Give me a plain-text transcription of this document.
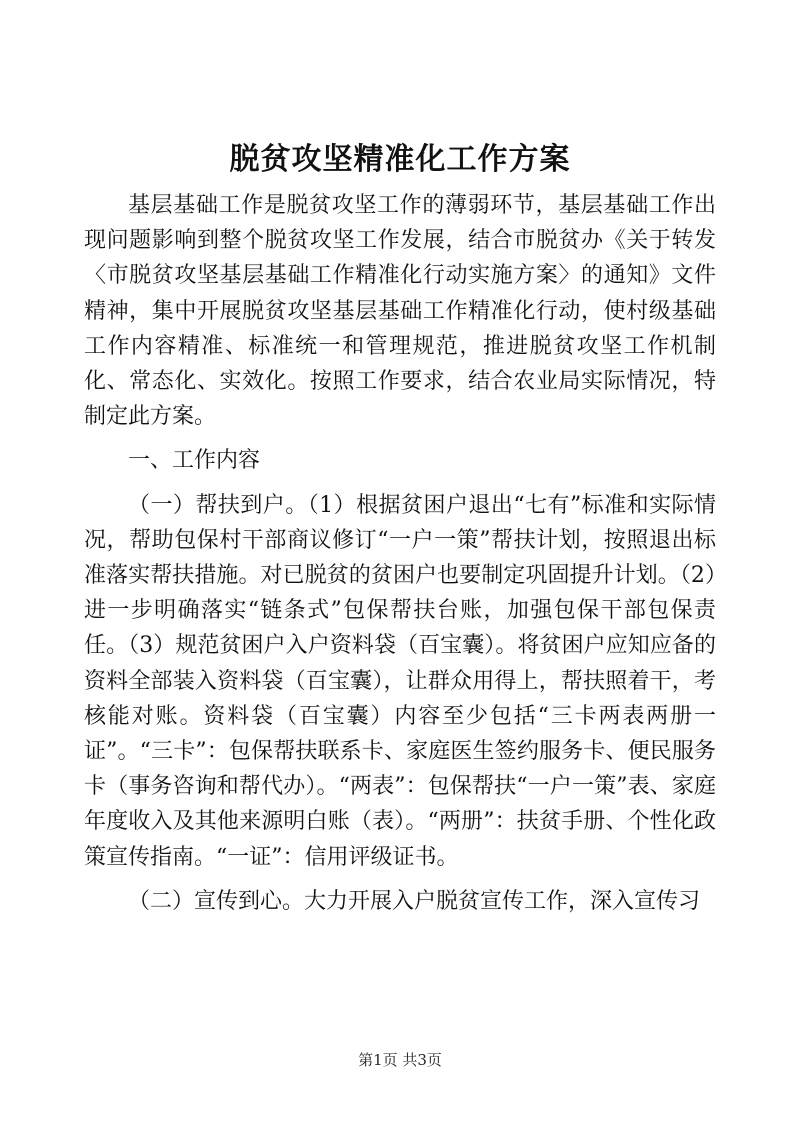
脱贫攻坚精准化工作方案

基层基础工作是脱贫攻坚工作的薄弱环节，基层基础工作出现问题影响到整个脱贫攻坚工作发展，结合市脱贫办《关于转发〈市脱贫攻坚基层基础工作精准化行动实施方案〉的通知》文件精神，集中开展脱贫攻坚基层基础工作精准化行动，使村级基础工作内容精准、标准统一和管理规范，推进脱贫攻坚工作机制化、常态化、实效化。按照工作要求，结合农业局实际情况，特制定此方案。

一、工作内容

（一）帮扶到户。（1）根据贫困户退出“七有”标准和实际情况，帮助包保村干部商议修订“一户一策”帮扶计划，按照退出标准落实帮扶措施。对已脱贫的贫困户也要制定巩固提升计划。（2）进一步明确落实“链条式”包保帮扶台账，加强包保干部包保责任。（3）规范贫困户入户资料袋（百宝囊）。将贫困户应知应备的资料全部装入资料袋（百宝囊），让群众用得上，帮扶照着干，考核能对账。资料袋（百宝囊）内容至少包括“三卡两表两册一证”。“三卡”：包保帮扶联系卡、家庭医生签约服务卡、便民服务卡（事务咨询和帮代办）。“两表”：包保帮扶“一户一策”表、家庭年度收入及其他来源明白账（表）。“两册”：扶贫手册、个性化政策宣传指南。“一证”：信用评级证书。

（二）宣传到心。大力开展入户脱贫宣传工作，深入宣传习

第1页 共3页
